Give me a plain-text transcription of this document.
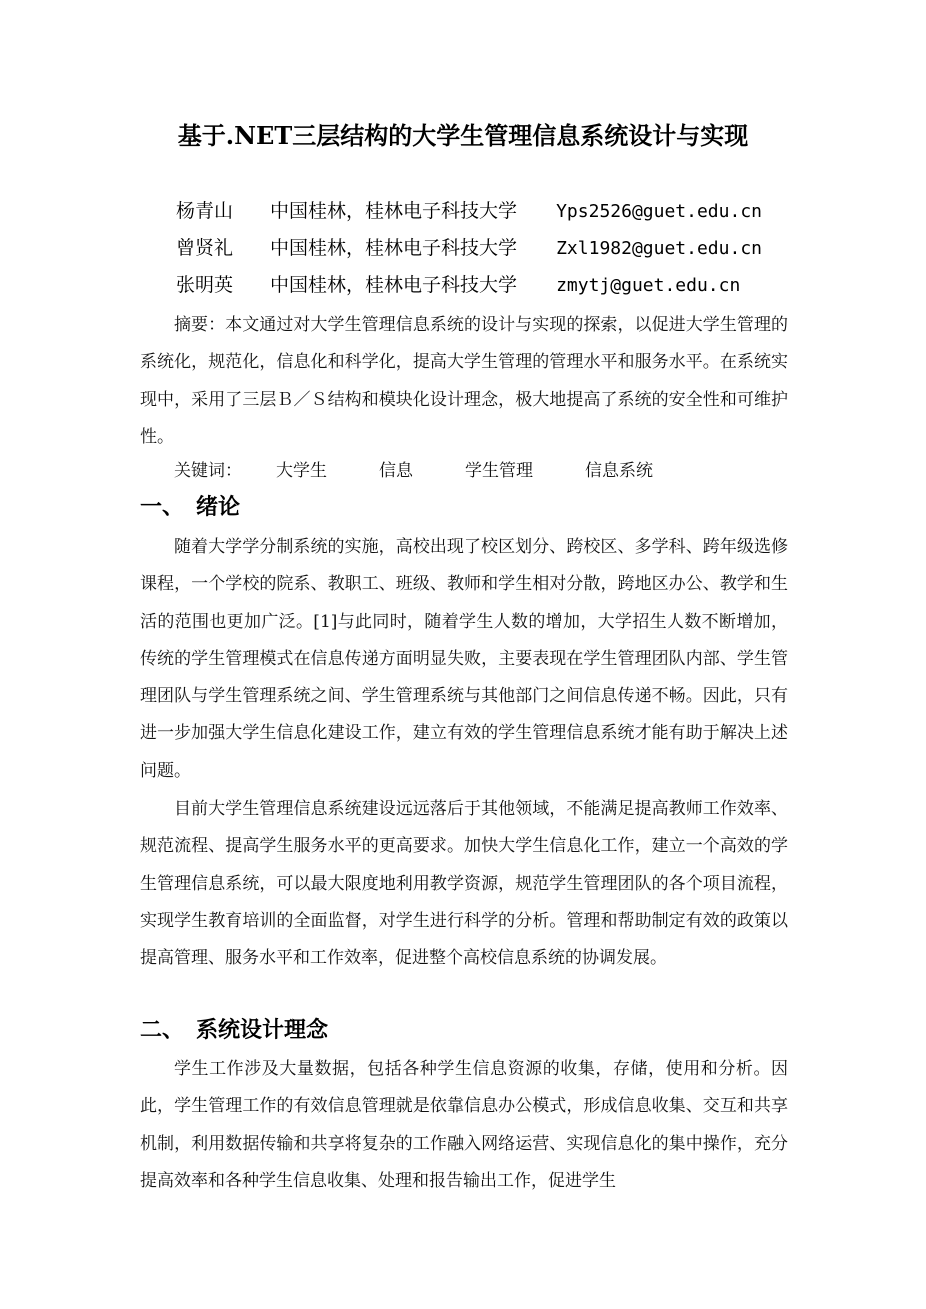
基于.NET三层结构的大学生管理信息系统设计与实现
杨青山 中国桂林，桂林电子科技大学 Yps2526@guet.edu.cn
曾贤礼 中国桂林，桂林电子科技大学 Zxl1982@guet.edu.cn
张明英 中国桂林，桂林电子科技大学 zmytj@guet.edu.cn

摘要：本文通过对大学生管理信息系统的设计与实现的探索，以促进大学生管理的系统化，规范化，信息化和科学化，提高大学生管理的管理水平和服务水平。在系统实现中，采用了三层Ｂ／Ｓ结构和模块化设计理念，极大地提高了系统的安全性和可维护性。

关键词： 大学生	信息	学生管理	信息系统

一、 绪论

随着大学学分制系统的实施，高校出现了校区划分、跨校区、多学科、跨年级选修课程，一个学校的院系、教职工、班级、教师和学生相对分散，跨地区办公、教学和生活的范围也更加广泛。[1]与此同时，随着学生人数的增加，大学招生人数不断增加，传统的学生管理模式在信息传递方面明显失败，主要表现在学生管理团队内部、学生管理团队与学生管理系统之间、学生管理系统与其他部门之间信息传递不畅。因此，只有进一步加强大学生信息化建设工作，建立有效的学生管理信息系统才能有助于解决上述问题。

目前大学生管理信息系统建设远远落后于其他领域，不能满足提高教师工作效率、规范流程、提高学生服务水平的更高要求。加快大学生信息化工作，建立一个高效的学生管理信息系统，可以最大限度地利用教学资源，规范学生管理团队的各个项目流程，实现学生教育培训的全面监督，对学生进行科学的分析。管理和帮助制定有效的政策以提高管理、服务水平和工作效率，促进整个高校信息系统的协调发展。

二、 系统设计理念

学生工作涉及大量数据，包括各种学生信息资源的收集，存储，使用和分析。因此，学生管理工作的有效信息管理就是依靠信息办公模式，形成信息收集、交互和共享机制，利用数据传输和共享将复杂的工作融入网络运营、实现信息化的集中操作，充分提高效率和各种学生信息收集、处理和报告输出工作，促进学生
